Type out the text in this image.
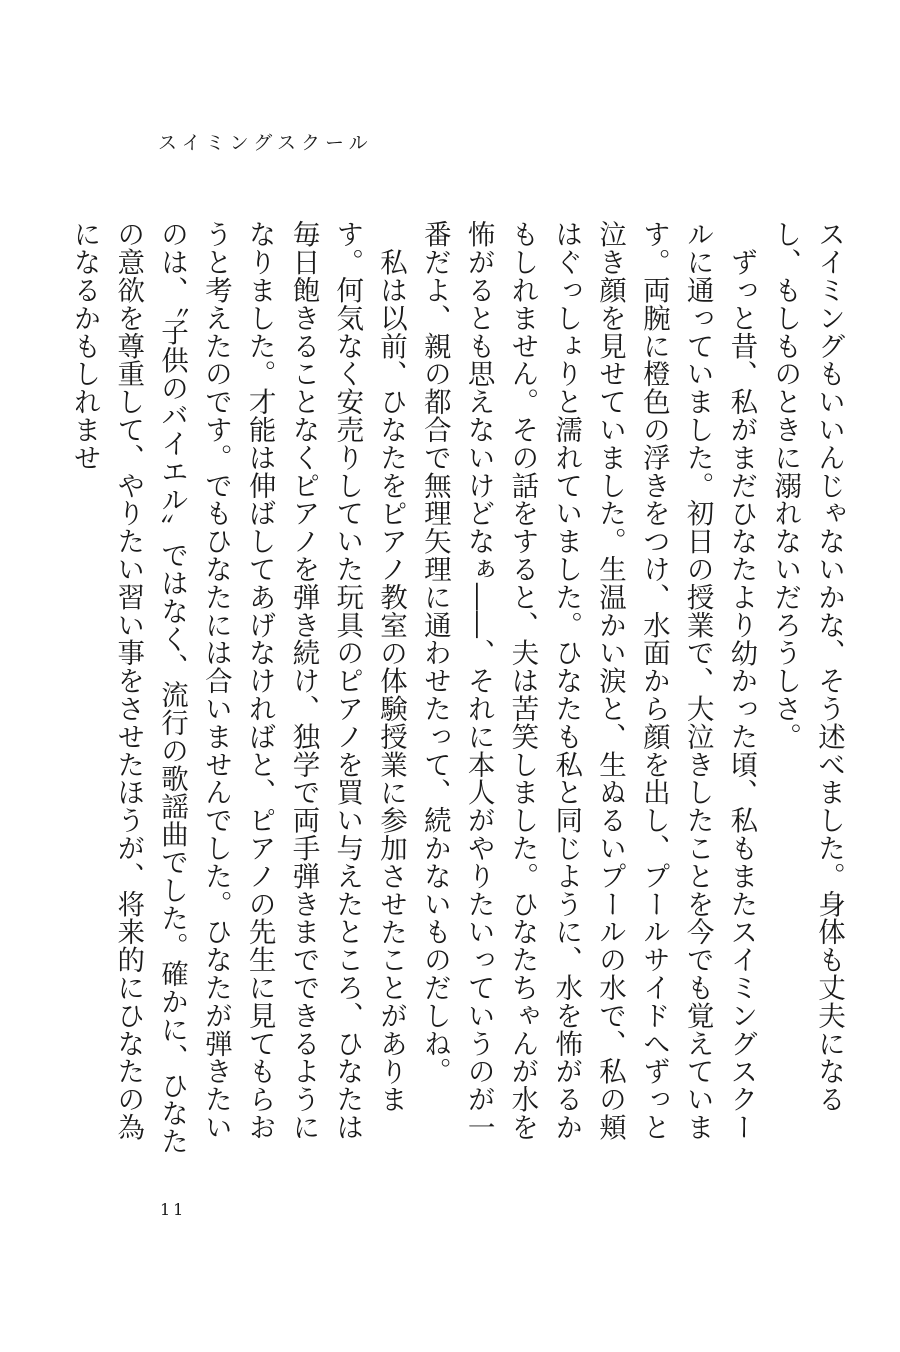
スイミングスクール

スイミングもいいんじゃないかな、そう述べました。身体も丈夫になるし、もしものときに溺れないだろうしさ。

ずっと昔、私がまだひなたより幼かった頃、私もまたスイミングスクールに通っていました。初日の授業で、大泣きしたことを今でも覚えています。両腕に橙色の浮きをつけ、水面から顔を出し、プールサイドへずっと泣き顔を見せていました。生温かい涙と、生ぬるいプールの水で、私の頬はぐっしょりと濡れていました。ひなたも私と同じように、水を怖がるかもしれません。その話をすると、夫は苦笑しました。ひなたちゃんが水を怖がるとも思えないけどなぁ――、それに本人がやりたいっていうのが一番だよ、親の都合で無理矢理に通わせたって、続かないものだしね。

私は以前、ひなたをピアノ教室の体験授業に参加させたことがあります。何気なく安売りしていた玩具のピアノを買い与えたところ、ひなたは毎日飽きることなくピアノを弾き続け、独学で両手弾きまでできるようになりました。才能は伸ばしてあげなければと、ピアノの先生に見てもらおうと考えたのです。でもひなたには合いませんでした。ひなたが弾きたいのは、〝子供のバイエル〟ではなく、流行の歌謡曲でした。確かに、ひなたの意欲を尊重して、やりたい習い事をさせたほうが、将来的にひなたの為になるかもしれませ

11
